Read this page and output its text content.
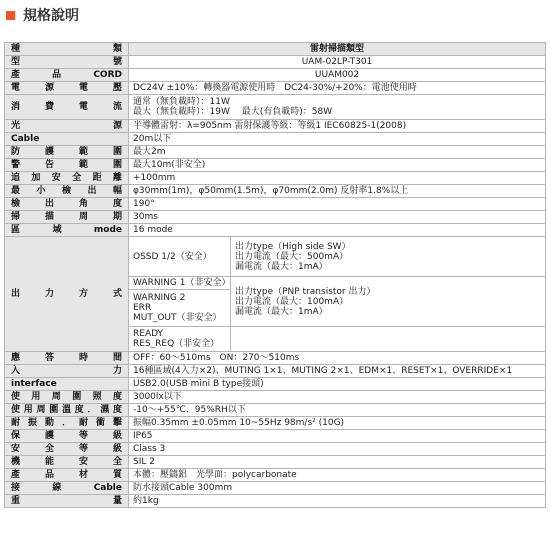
規格說明
種類	雷射掃描類型	
型號	UAM-02LP-T301	
產品CORD	UUAM002	
電源電壓	DC24V ±10%：轉換器電源使用時　DC24-30%/+20%：電池使用時	
消費電流	通常（無負載時）：11W
最大（無負載時）：19W　 最大(有負載時)：58W	

光源	半導體雷射：λ=905nm 雷射保護等級：等級1 IEC60825-1(2008)	
Cable	20m以下	
防護範圍	最大2m	
警告範圍	最大10m(非安全)	
追加安全距離	+100mm	
最小檢出幅	φ30mm(1m)，φ50mm(1.5m)，φ70mm(2.0m) 反射率1.8%以上	
檢出角度	190°	
掃描周期	30ms	
區域mode	16 mode	
出力方式	OSSD 1/2（安全）	出力type（High side SW）
出力電流（最大：500mA）
漏電流（最大：1mA）

	WARNING 1（非安全）	出力type（PNP transistor 出力）
出力電流（最大：100mA）
漏電流（最大：1mA）

	WARNING 2
ERR
MUT_OUT（非安全）	

	READY
RES_REQ（非安全）	

應答時間	OFF：60～510ms　ON：270～510ms	
入力	16種區域(4入力×2)、MUTING 1×1、MUTING 2×1、EDM×1、RESET×1、OVERRIDE×1	
interface	USB2.0(USB mini B type接頭)	
使用周圍照度	3000lx以下	
使用周圍溫度．濕度	-10～+55℃、95%RH以下	
耐振動．耐衝擊	振幅0.35mm ±0.05mm 10~55Hz 98m/s² (10G)	
保護等級	IP65	
安全等級	Class 3	
機能安全	SIL 2	
產品材質	本體：壓鑄鋁　光學面：polycarbonate	
接線Cable	防水接頭Cable 300mm	
重量	約1kg	
